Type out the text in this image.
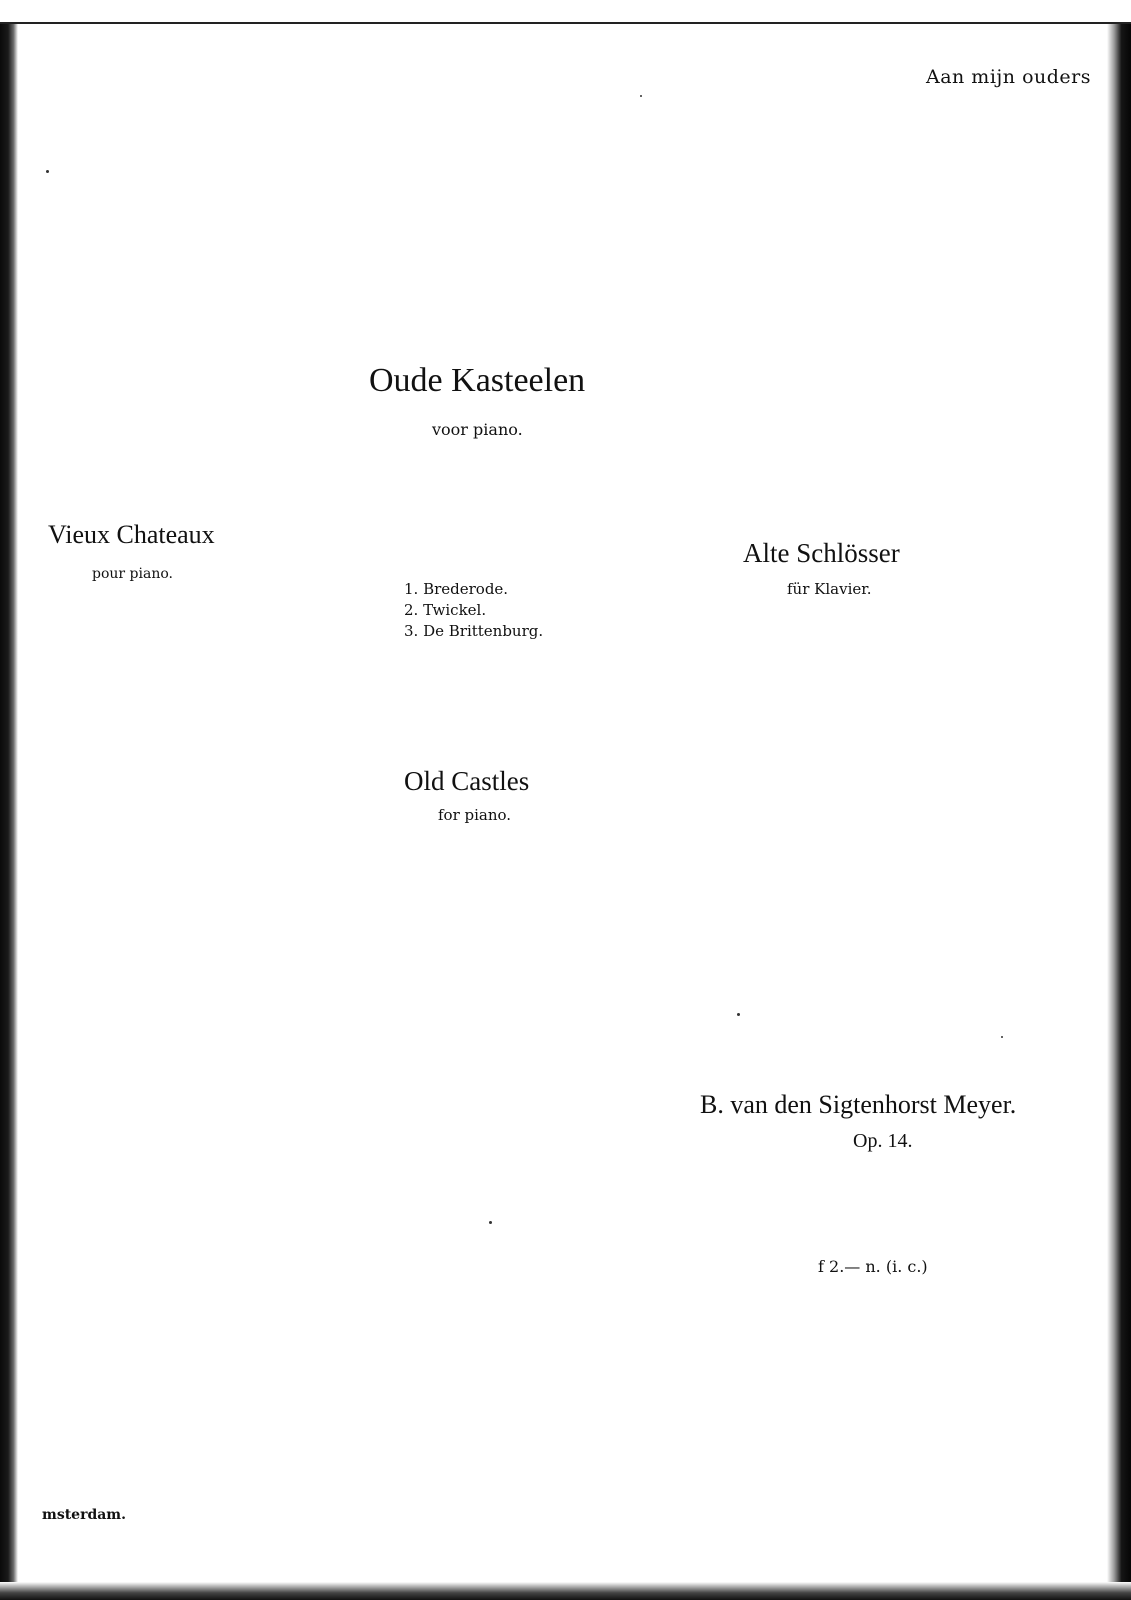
Aan mijn ouders

Oude Kasteelen

voor piano.

Vieux Chateaux

pour piano.

Alte Schlösser

für Klavier.

1. Brederode.
2. Twickel.
3. De Brittenburg.
Old Castles

for piano.

B. van den Sigtenhorst Meyer.

Op. 14.

f 2.— n. (i. c.)

msterdam.
